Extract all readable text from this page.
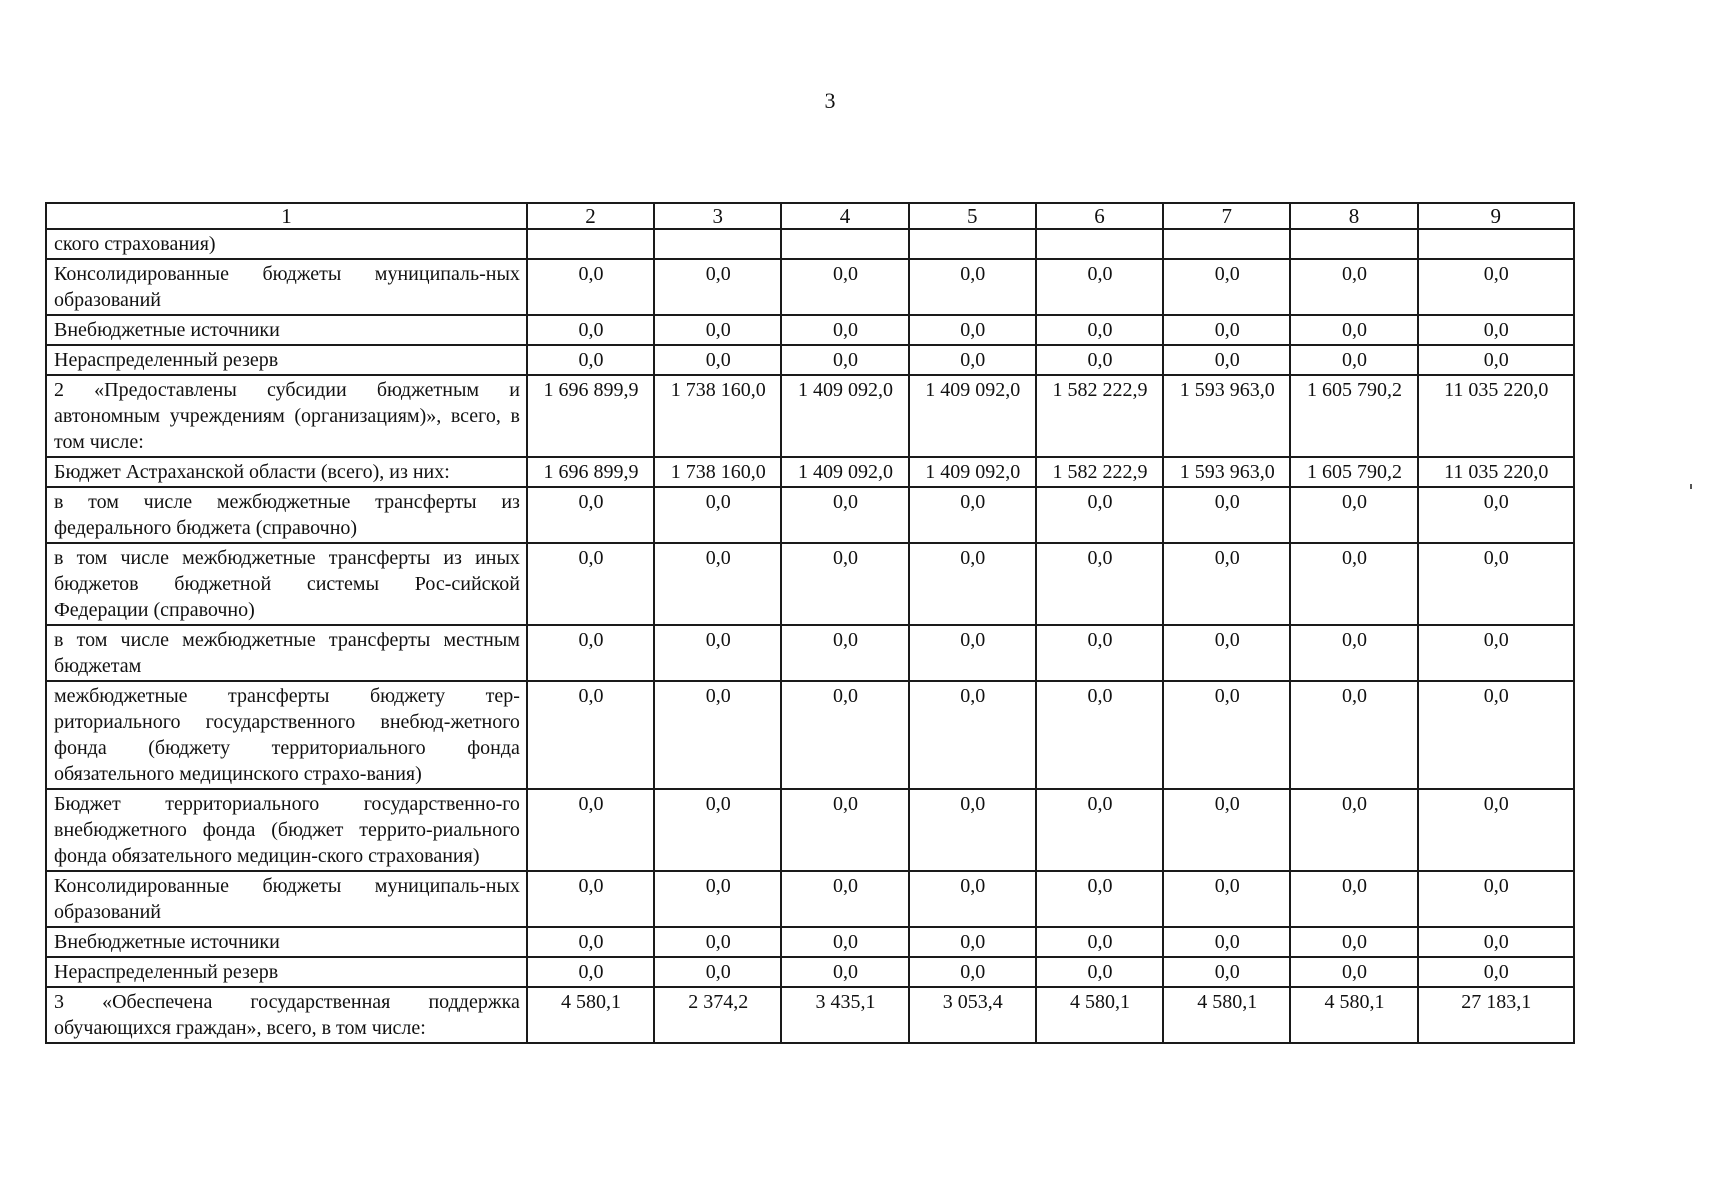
3
1	2	3	4	5	6	7	8	9
ского страхования)								
Консолидированные бюджеты муниципаль-ных образований	0,0	0,0	0,0	0,0	0,0	0,0	0,0	0,0
Внебюджетные источники	0,0	0,0	0,0	0,0	0,0	0,0	0,0	0,0
Нераспределенный резерв	0,0	0,0	0,0	0,0	0,0	0,0	0,0	0,0
2 «Предоставлены субсидии бюджетным и автономным учреждениям (организациям)», всего, в том числе:	1 696 899,9	1 738 160,0	1 409 092,0	1 409 092,0	1 582 222,9	1 593 963,0	1 605 790,2	11 035 220,0
Бюджет Астраханской области (всего), из них:	1 696 899,9	1 738 160,0	1 409 092,0	1 409 092,0	1 582 222,9	1 593 963,0	1 605 790,2	11 035 220,0
в том числе межбюджетные трансферты из федерального бюджета (справочно)	0,0	0,0	0,0	0,0	0,0	0,0	0,0	0,0
в том числе межбюджетные трансферты из иных бюджетов бюджетной системы Рос-сийской Федерации (справочно)	0,0	0,0	0,0	0,0	0,0	0,0	0,0	0,0
в том числе межбюджетные трансферты местным бюджетам	0,0	0,0	0,0	0,0	0,0	0,0	0,0	0,0
межбюджетные трансферты бюджету тер-риториального государственного внебюд-жетного фонда (бюджету территориального фонда обязательного медицинского страхо-вания)	0,0	0,0	0,0	0,0	0,0	0,0	0,0	0,0
Бюджет территориального государственно-го внебюджетного фонда (бюджет террито-риального фонда обязательного медицин-ского страхования)	0,0	0,0	0,0	0,0	0,0	0,0	0,0	0,0
Консолидированные бюджеты муниципаль-ных образований	0,0	0,0	0,0	0,0	0,0	0,0	0,0	0,0
Внебюджетные источники	0,0	0,0	0,0	0,0	0,0	0,0	0,0	0,0
Нераспределенный резерв	0,0	0,0	0,0	0,0	0,0	0,0	0,0	0,0
3 «Обеспечена государственная поддержка обучающихся граждан», всего, в том числе:	4 580,1	2 374,2	3 435,1	3 053,4	4 580,1	4 580,1	4 580,1	27 183,1
